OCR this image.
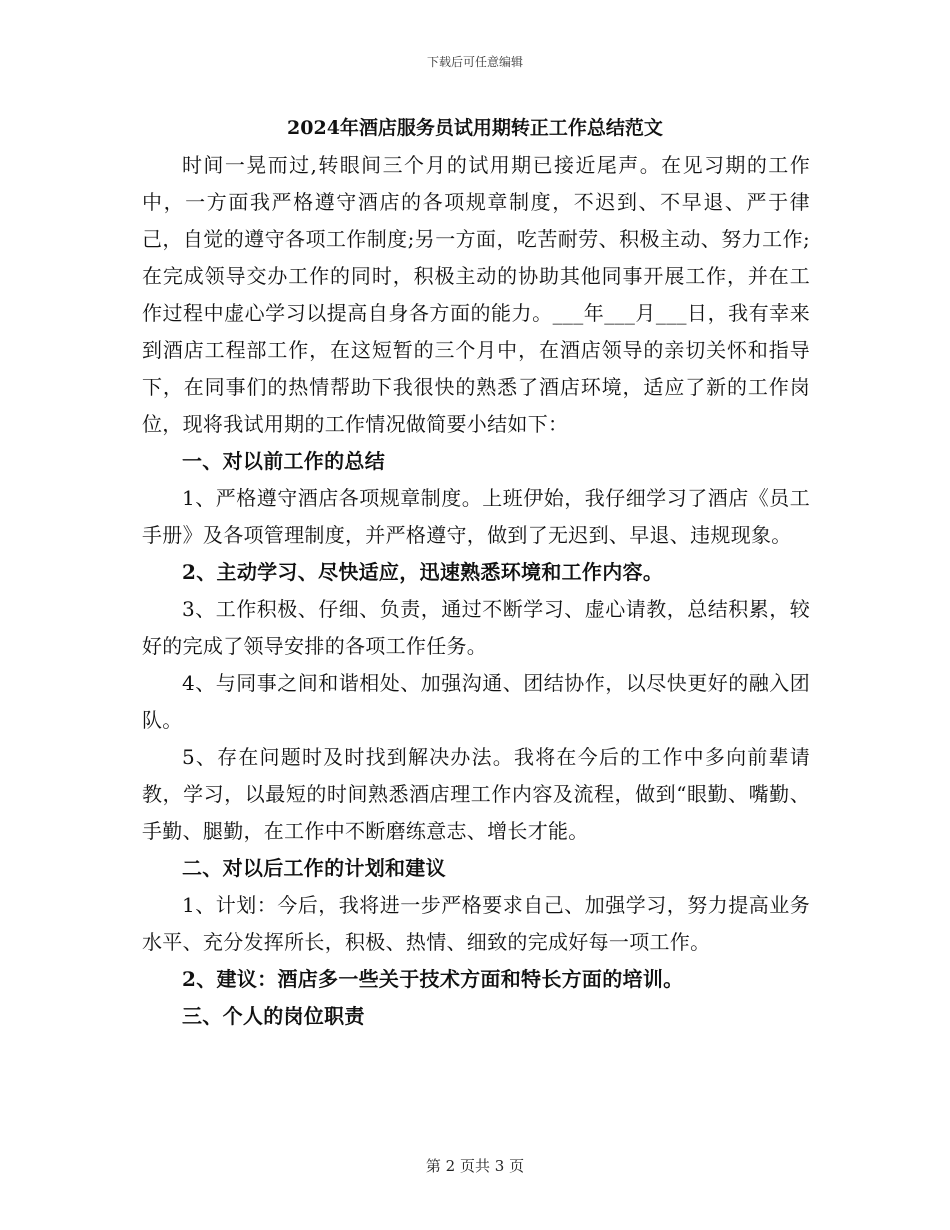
下载后可任意编辑
2024年酒店服务员试用期转正工作总结范文

时间一晃而过,转眼间三个月的试用期已接近尾声。在见习期的工作中，一方面我严格遵守酒店的各项规章制度，不迟到、不早退、严于律己，自觉的遵守各项工作制度;另一方面，吃苦耐劳、积极主动、努力工作;在完成领导交办工作的同时，积极主动的协助其他同事开展工作，并在工作过程中虚心学习以提高自身各方面的能力。___年___月___日，我有幸来到酒店工程部工作，在这短暂的三个月中，在酒店领导的亲切关怀和指导下，在同事们的热情帮助下我很快的熟悉了酒店环境，适应了新的工作岗位，现将我试用期的工作情况做简要小结如下：

一、对以前工作的总结

1、严格遵守酒店各项规章制度。上班伊始，我仔细学习了酒店《员工手册》及各项管理制度，并严格遵守，做到了无迟到、早退、违规现象。

2、主动学习、尽快适应，迅速熟悉环境和工作内容。

3、工作积极、仔细、负责，通过不断学习、虚心请教，总结积累，较好的完成了领导安排的各项工作任务。

4、与同事之间和谐相处、加强沟通、团结协作，以尽快更好的融入团队。

5、存在问题时及时找到解决办法。我将在今后的工作中多向前辈请教，学习，以最短的时间熟悉酒店理工作内容及流程，做到“眼勤、嘴勤、手勤、腿勤，在工作中不断磨练意志、增长才能。

二、对以后工作的计划和建议

1、计划：今后，我将进一步严格要求自己、加强学习，努力提高业务水平、充分发挥所长，积极、热情、细致的完成好每一项工作。

2、建议：酒店多一些关于技术方面和特长方面的培训。

三、个人的岗位职责

第 2 页共 3 页
